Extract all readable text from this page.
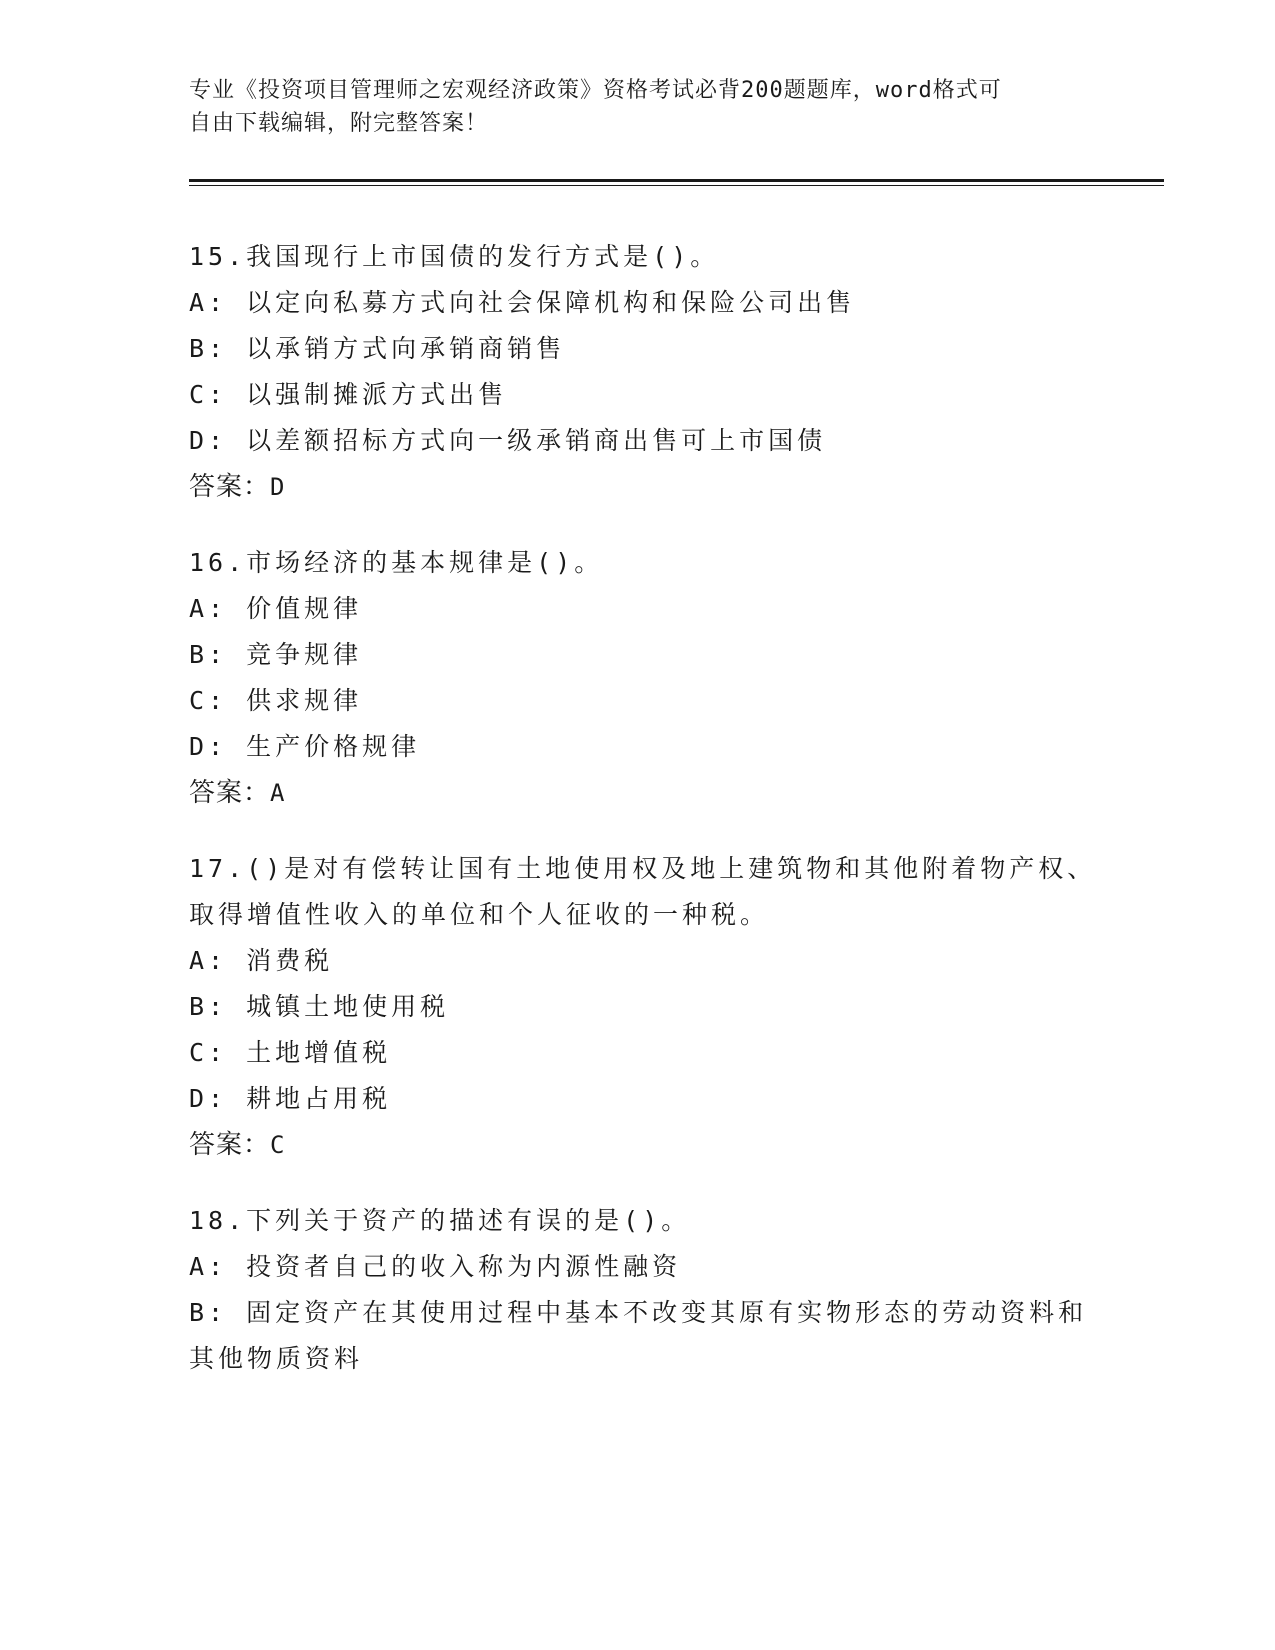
专业《投资项目管理师之宏观经济政策》资格考试必背200题题库，word格式可
自由下载编辑，附完整答案！
15.我国现行上市国债的发行方式是()。
A: 以定向私募方式向社会保障机构和保险公司出售
B: 以承销方式向承销商销售
C: 以强制摊派方式出售
D: 以差额招标方式向一级承销商出售可上市国债
答案：D
16.市场经济的基本规律是()。
A: 价值规律
B: 竞争规律
C: 供求规律
D: 生产价格规律
答案：A
17.()是对有偿转让国有土地使用权及地上建筑物和其他附着物产权、
取得增值性收入的单位和个人征收的一种税。
A: 消费税
B: 城镇土地使用税
C: 土地增值税
D: 耕地占用税
答案：C
18.下列关于资产的描述有误的是()。
A: 投资者自己的收入称为内源性融资
B: 固定资产在其使用过程中基本不改变其原有实物形态的劳动资料和
其他物质资料
